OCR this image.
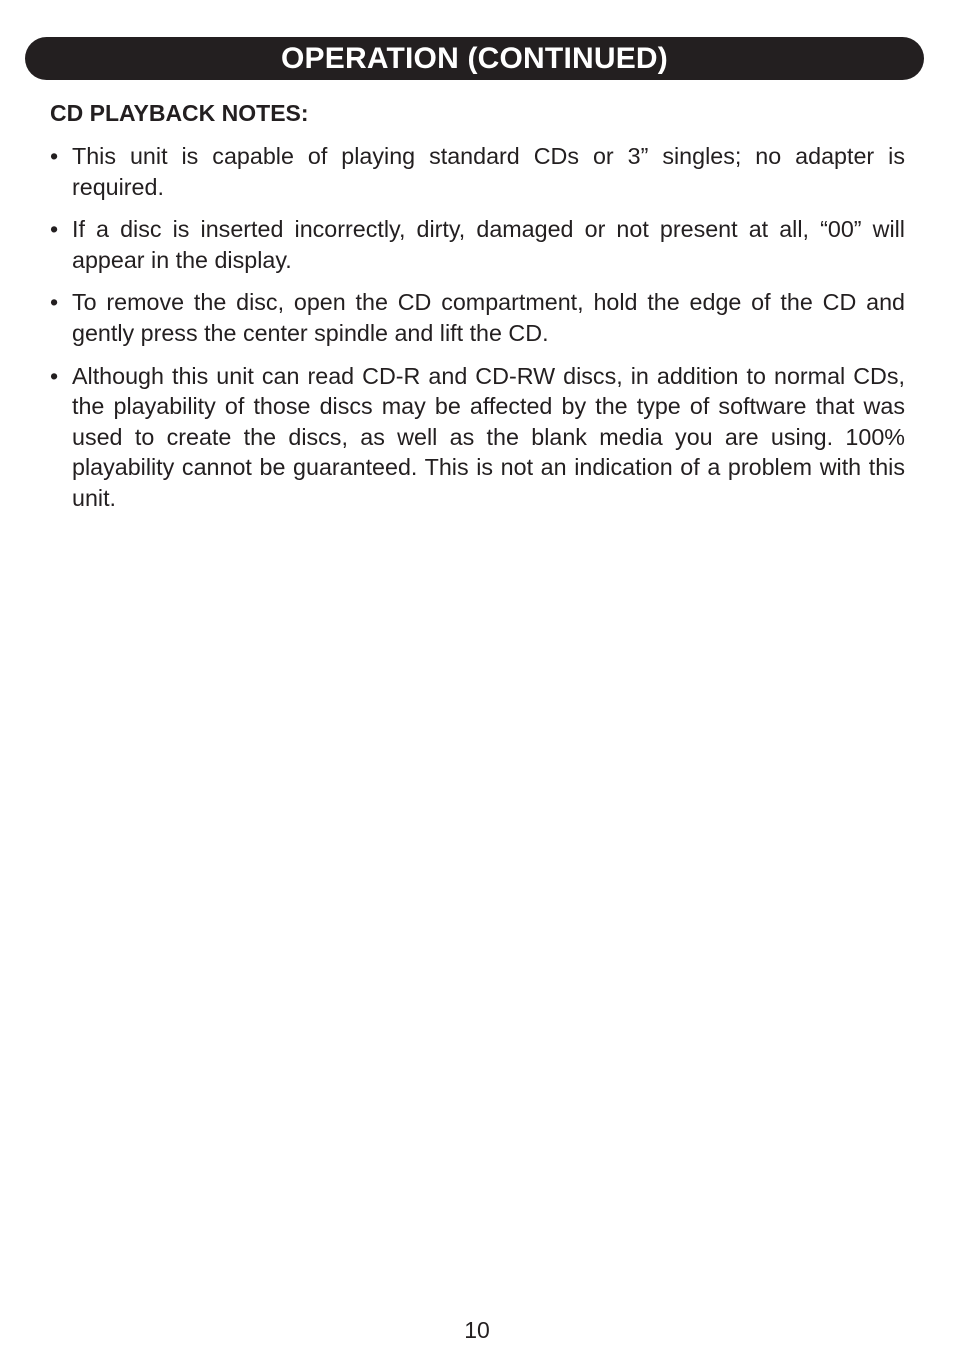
OPERATION (CONTINUED)
CD PLAYBACK NOTES:
• This unit is capable of playing standard CDs or 3” singles; no adapter is required.
• If a disc is inserted incorrectly, dirty, damaged or not present at all, “00” will appear in the display.
• To remove the disc, open the CD compartment, hold the edge of the CD and gently press the center spindle and lift the CD.
• Although this unit can read CD-R and CD-RW discs, in addition to normal CDs, the playability of those discs may be affected by the type of software that was used to create the discs, as well as the blank media you are using. 100% playability cannot be guaranteed. This is not an indication of a problem with this unit.
10
